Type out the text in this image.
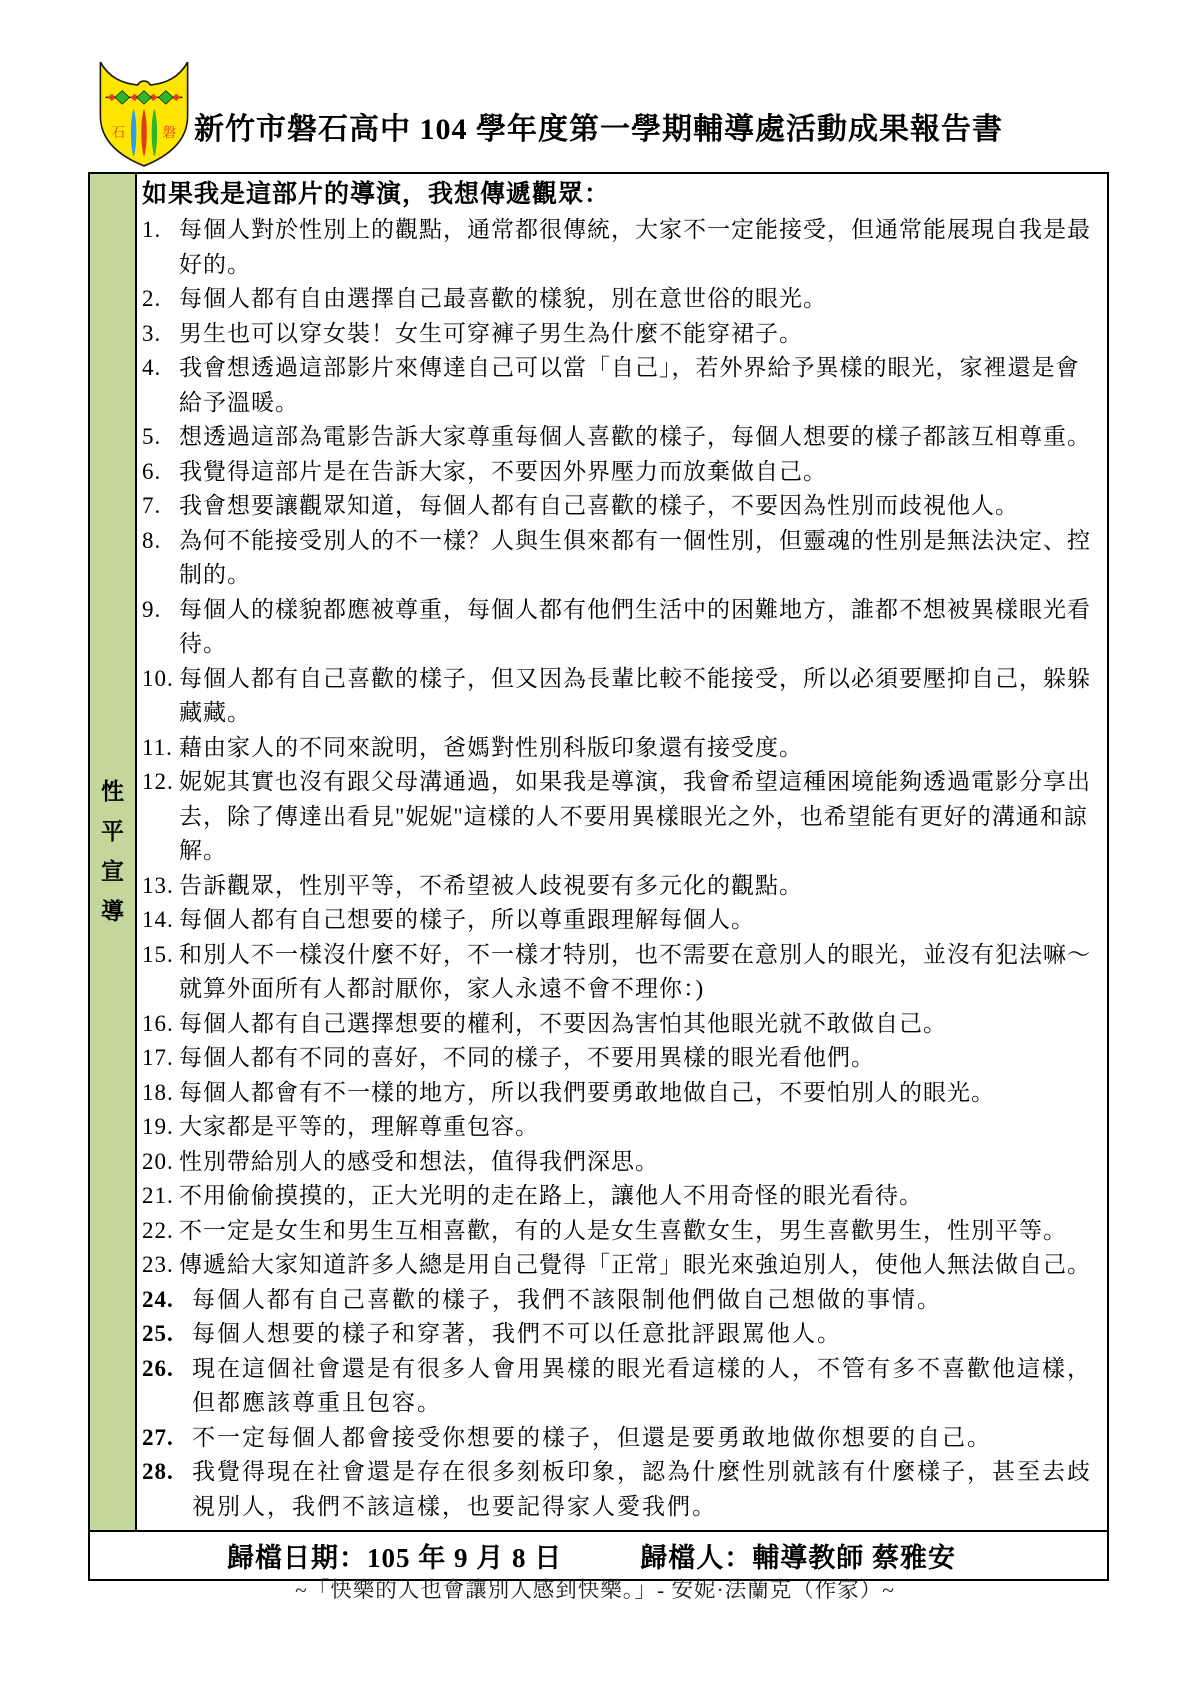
石	磐 新竹市磐石高中 104 學年度第一學期輔導處活動成果報告書
性平宣導
如果我是這部片的導演，我想傳遞觀眾：
1. 每個人對於性別上的觀點，通常都很傳統，大家不一定能接受，但通常能展現自我是最好的。
2. 每個人都有自由選擇自己最喜歡的樣貌，別在意世俗的眼光。
3. 男生也可以穿女裝！女生可穿褲子男生為什麼不能穿裙子。
4. 我會想透過這部影片來傳達自己可以當「自己」，若外界給予異樣的眼光，家裡還是會給予溫暖。
5. 想透過這部為電影告訴大家尊重每個人喜歡的樣子，每個人想要的樣子都該互相尊重。
6. 我覺得這部片是在告訴大家，不要因外界壓力而放棄做自己。
7. 我會想要讓觀眾知道，每個人都有自己喜歡的樣子，不要因為性別而歧視他人。
8. 為何不能接受別人的不一樣？人與生俱來都有一個性別，但靈魂的性別是無法決定、控制的。
9. 每個人的樣貌都應被尊重，每個人都有他們生活中的困難地方，誰都不想被異樣眼光看待。
10. 每個人都有自己喜歡的樣子，但又因為長輩比較不能接受，所以必須要壓抑自己，躲躲藏藏。
11. 藉由家人的不同來說明，爸媽對性別科版印象還有接受度。
12. 妮妮其實也沒有跟父母溝通過，如果我是導演，我會希望這種困境能夠透過電影分享出去，除了傳達出看見"妮妮"這樣的人不要用異樣眼光之外，也希望能有更好的溝通和諒解。
13. 告訴觀眾，性別平等，不希望被人歧視要有多元化的觀點。
14. 每個人都有自己想要的樣子，所以尊重跟理解每個人。
15. 和別人不一樣沒什麼不好，不一樣才特別，也不需要在意別人的眼光，並沒有犯法嘛～就算外面所有人都討厭你，家人永遠不會不理你：)
16. 每個人都有自己選擇想要的權利，不要因為害怕其他眼光就不敢做自己。
17. 每個人都有不同的喜好，不同的樣子，不要用異樣的眼光看他們。
18. 每個人都會有不一樣的地方，所以我們要勇敢地做自己，不要怕別人的眼光。
19. 大家都是平等的，理解尊重包容。
20. 性別帶給別人的感受和想法，值得我們深思。
21. 不用偷偷摸摸的，正大光明的走在路上，讓他人不用奇怪的眼光看待。
22. 不一定是女生和男生互相喜歡，有的人是女生喜歡女生，男生喜歡男生，性別平等。
23. 傳遞給大家知道許多人總是用自己覺得「正常」眼光來強迫別人，使他人無法做自己。
24. 每個人都有自己喜歡的樣子，我們不該限制他們做自己想做的事情。
25. 每個人想要的樣子和穿著，我們不可以任意批評跟罵他人。
26. 現在這個社會還是有很多人會用異樣的眼光看這樣的人，不管有多不喜歡他這樣，但都應該尊重且包容。
27. 不一定每個人都會接受你想要的樣子，但還是要勇敢地做你想要的自己。
28. 我覺得現在社會還是存在很多刻板印象，認為什麼性別就該有什麼樣子，甚至去歧視別人，我們不該這樣，也要記得家人愛我們。
歸檔日期：105 年 9 月 8 日	歸檔人：輔導教師 蔡雅安
~「快樂的人也會讓別人感到快樂。」- 安妮·法蘭克（作家）~
